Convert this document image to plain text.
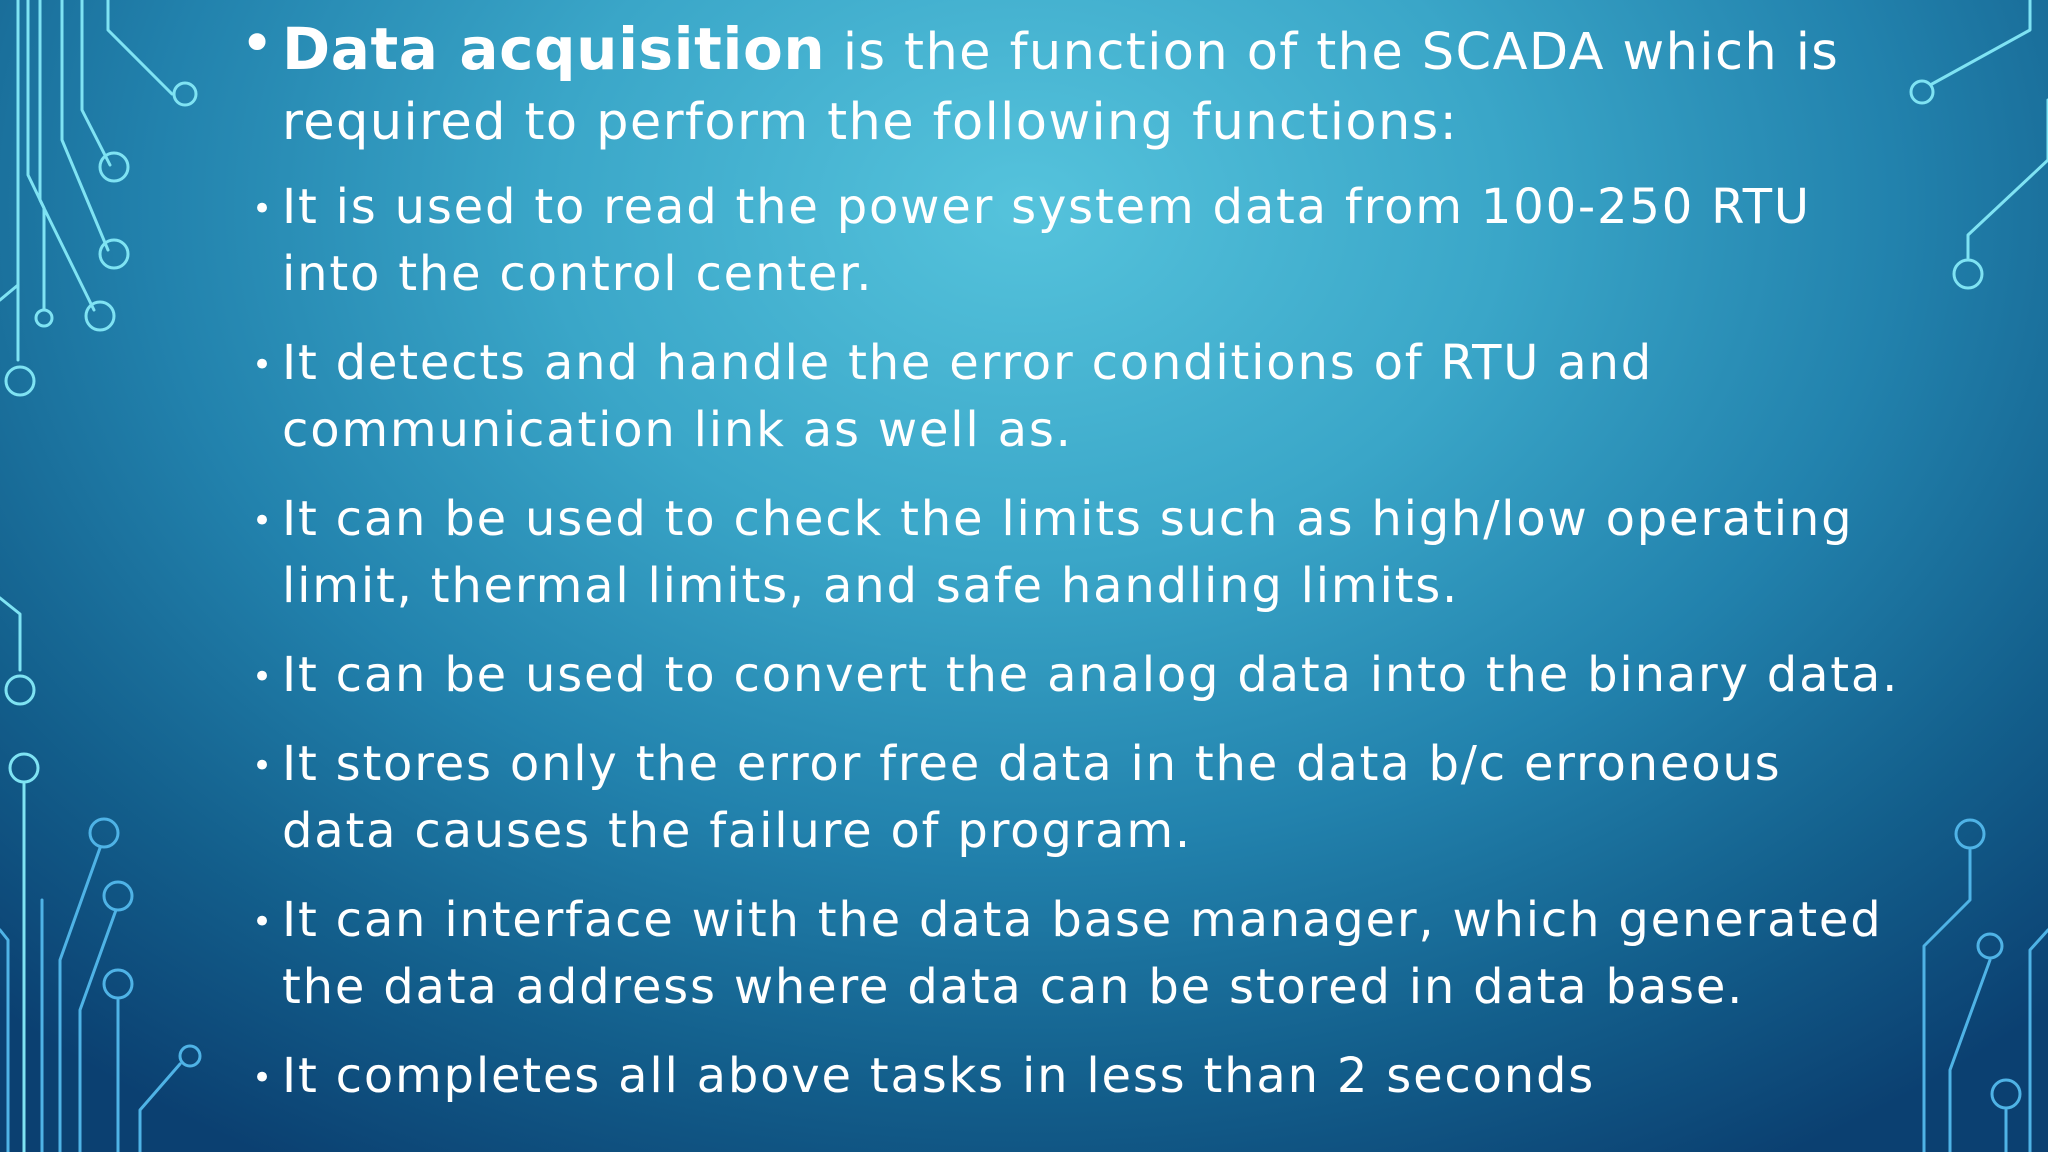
• Data acquisition is the function of the SCADA which is required to perform the following functions:

• It is used to read the power system data from 100-250 RTU into the control center.

• It detects and handle the error conditions of RTU and communication link as well as.

• It can be used to check the limits such as high/low operating limit, thermal limits, and safe handling limits.

• It can be used to convert the analog data into the binary data.

• It stores only the error free data in the data b/c erroneous data causes the failure of program.

• It can interface with the data base manager, which generated the data address where data can be stored in data base.

• It completes all above tasks in less than 2 seconds
